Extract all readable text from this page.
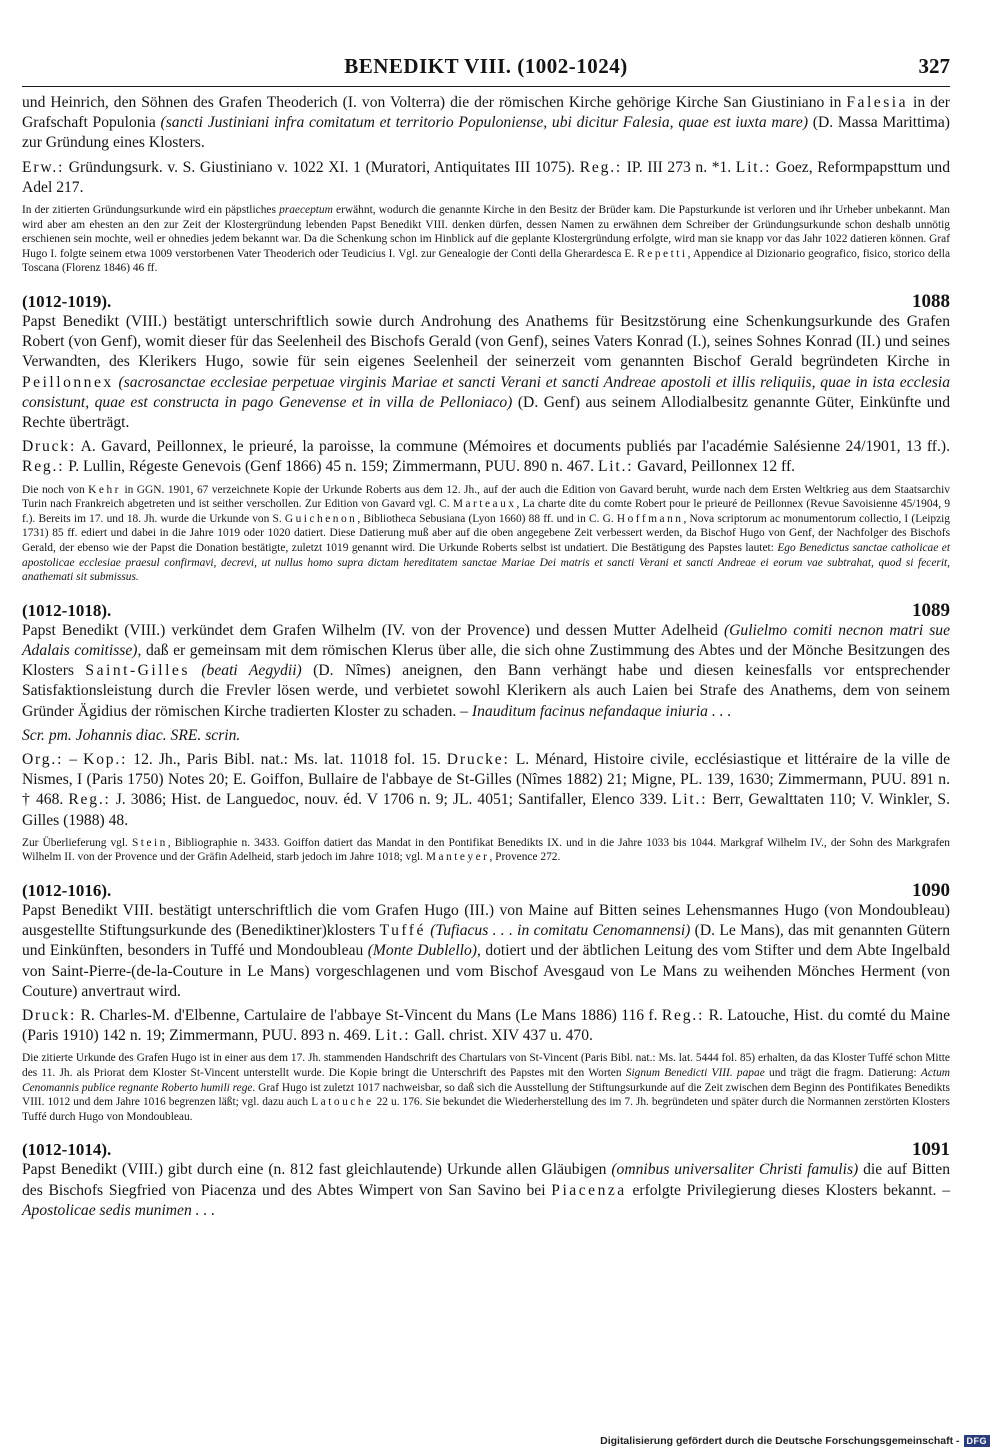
BENEDIKT VIII. (1002-1024)	327

und Heinrich, den Söhnen des Grafen Theoderich (I. von Volterra) die der römischen Kirche gehörige Kirche San Giustiniano in Falesia in der Grafschaft Populonia (sancti Justiniani infra comitatum et territorio Populoniense, ubi dicitur Falesia, quae est iuxta mare) (D. Massa Marittima) zur Gründung eines Klosters.

Erw.: Gründungsurk. v. S. Giustiniano v. 1022 XI. 1 (Muratori, Antiquitates III 1075). Reg.: IP. III 273 n. *1. Lit.: Goez, Reformpapsttum und Adel 217.

In der zitierten Gründungsurkunde wird ein päpstliches praeceptum erwähnt, wodurch die genannte Kirche in den Besitz der Brüder kam. Die Papsturkunde ist verloren und ihr Urheber unbekannt. Man wird aber am ehesten an den zur Zeit der Klostergründung lebenden Papst Benedikt VIII. denken dürfen, dessen Namen zu erwähnen dem Schreiber der Gründungsurkunde schon deshalb unnötig erschienen sein mochte, weil er ohnedies jedem bekannt war. Da die Schenkung schon im Hinblick auf die geplante Klostergründung erfolgte, wird man sie knapp vor das Jahr 1022 datieren können. Graf Hugo I. folgte seinem etwa 1009 verstorbenen Vater Theoderich oder Teudicius I. Vgl. zur Genealogie der Conti della Gherardesca E. Repetti, Appendice al Dizionario geografico, fisico, storico della Toscana (Florenz 1846) 46 ff.

(1012-1019).	1088

Papst Benedikt (VIII.) bestätigt unterschriftlich sowie durch Androhung des Anathems für Besitzstörung eine Schenkungsurkunde des Grafen Robert (von Genf), womit dieser für das Seelenheil des Bischofs Gerald (von Genf), seines Vaters Konrad (I.), seines Sohnes Konrad (II.) und seines Verwandten, des Klerikers Hugo, sowie für sein eigenes Seelenheil der seinerzeit vom genannten Bischof Gerald begründeten Kirche in Peillonnex (sacrosanctae ecclesiae perpetuae virginis Mariae et sancti Verani et sancti Andreae apostoli et illis reliquiis, quae in ista ecclesia consistunt, quae est constructa in pago Genevense et in villa de Pelloniaco) (D. Genf) aus seinem Allodialbesitz genannte Güter, Einkünfte und Rechte überträgt.

Druck: A. Gavard, Peillonnex, le prieuré, la paroisse, la commune (Mémoires et documents publiés par l'académie Salésienne 24/1901, 13 ff.). Reg.: P. Lullin, Régeste Genevois (Genf 1866) 45 n. 159; Zimmermann, PUU. 890 n. 467. Lit.: Gavard, Peillonnex 12 ff.

Die noch von Kehr in GGN. 1901, 67 verzeichnete Kopie der Urkunde Roberts aus dem 12. Jh., auf der auch die Edition von Gavard beruht, wurde nach dem Ersten Weltkrieg aus dem Staatsarchiv Turin nach Frankreich abgetreten und ist seither verschollen. Zur Edition von Gavard vgl. C. Marteaux, La charte dite du comte Robert pour le prieuré de Peillonnex (Revue Savoisienne 45/1904, 9 f.). Bereits im 17. und 18. Jh. wurde die Urkunde von S. Guichenon, Bibliotheca Sebusiana (Lyon 1660) 88 ff. und in C. G. Hoffmann, Nova scriptorum ac monumentorum collectio, I (Leipzig 1731) 85 ff. ediert und dabei in die Jahre 1019 oder 1020 datiert. Diese Datierung muß aber auf die oben angegebene Zeit verbessert werden, da Bischof Hugo von Genf, der Nachfolger des Bischofs Gerald, der ebenso wie der Papst die Donation bestätigte, zuletzt 1019 genannt wird. Die Urkunde Roberts selbst ist undatiert. Die Bestätigung des Papstes lautet: Ego Benedictus sanctae catholicae et apostolicae ecclesiae praesul confirmavi, decrevi, ut nullus homo supra dictam hereditatem sanctae Mariae Dei matris et sancti Verani et sancti Andreae ei eorum vae subtrahat, quod si fecerit, anathemati sit submissus.

(1012-1018).	1089

Papst Benedikt (VIII.) verkündet dem Grafen Wilhelm (IV. von der Provence) und dessen Mutter Adelheid (Gulielmo comiti necnon matri sue Adalais comitisse), daß er gemeinsam mit dem römischen Klerus über alle, die sich ohne Zustimmung des Abtes und der Mönche Besitzungen des Klosters Saint-Gilles (beati Aegydii) (D. Nîmes) aneignen, den Bann verhängt habe und diesen keinesfalls vor entsprechender Satisfaktionsleistung durch die Frevler lösen werde, und verbietet sowohl Klerikern als auch Laien bei Strafe des Anathems, dem von seinem Gründer Ägidius der römischen Kirche tradierten Kloster zu schaden. – Inauditum facinus nefandaque iniuria . . .

Scr. pm. Johannis diac. SRE. scrin.

Org.: – Kop.: 12. Jh., Paris Bibl. nat.: Ms. lat. 11018 fol. 15. Drucke: L. Ménard, Histoire civile, ecclésiastique et littéraire de la ville de Nismes, I (Paris 1750) Notes 20; E. Goiffon, Bullaire de l'abbaye de St-Gilles (Nîmes 1882) 21; Migne, PL. 139, 1630; Zimmermann, PUU. 891 n. † 468. Reg.: J. 3086; Hist. de Languedoc, nouv. éd. V 1706 n. 9; JL. 4051; Santifaller, Elenco 339. Lit.: Berr, Gewalttaten 110; V. Winkler, S. Gilles (1988) 48.

Zur Überlieferung vgl. Stein, Bibliographie n. 3433. Goiffon datiert das Mandat in den Pontifikat Benedikts IX. und in die Jahre 1033 bis 1044. Markgraf Wilhelm IV., der Sohn des Markgrafen Wilhelm II. von der Provence und der Gräfin Adelheid, starb jedoch im Jahre 1018; vgl. Manteyer, Provence 272.

(1012-1016).	1090

Papst Benedikt VIII. bestätigt unterschriftlich die vom Grafen Hugo (III.) von Maine auf Bitten seines Lehensmannes Hugo (von Mondoubleau) ausgestellte Stiftungsurkunde des (Benediktiner)klosters Tuffé (Tufiacus . . . in comitatu Cenomannensi) (D. Le Mans), das mit genannten Gütern und Einkünften, besonders in Tuffé und Mondoubleau (Monte Dublello), dotiert und der äbtlichen Leitung des vom Stifter und dem Abte Ingelbald von Saint-Pierre-(de-la-Couture in Le Mans) vorgeschlagenen und vom Bischof Avesgaud von Le Mans zu weihenden Mönches Herment (von Couture) anvertraut wird.

Druck: R. Charles-M. d'Elbenne, Cartulaire de l'abbaye St-Vincent du Mans (Le Mans 1886) 116 f. Reg.: R. Latouche, Hist. du comté du Maine (Paris 1910) 142 n. 19; Zimmermann, PUU. 893 n. 469. Lit.: Gall. christ. XIV 437 u. 470.

Die zitierte Urkunde des Grafen Hugo ist in einer aus dem 17. Jh. stammenden Handschrift des Chartulars von St-Vincent (Paris Bibl. nat.: Ms. lat. 5444 fol. 85) erhalten, da das Kloster Tuffé schon Mitte des 11. Jh. als Priorat dem Kloster St-Vincent unterstellt wurde. Die Kopie bringt die Unterschrift des Papstes mit den Worten Signum Benedicti VIII. papae und trägt die fragm. Datierung: Actum Cenomannis publice regnante Roberto humili rege. Graf Hugo ist zuletzt 1017 nachweisbar, so daß sich die Ausstellung der Stiftungsurkunde auf die Zeit zwischen dem Beginn des Pontifikates Benedikts VIII. 1012 und dem Jahre 1016 begrenzen läßt; vgl. dazu auch Latouche 22 u. 176. Sie bekundet die Wiederherstellung des im 7. Jh. begründeten und später durch die Normannen zerstörten Klosters Tuffé durch Hugo von Mondoubleau.

(1012-1014).	1091

Papst Benedikt (VIII.) gibt durch eine (n. 812 fast gleichlautende) Urkunde allen Gläubigen (omnibus universaliter Christi famulis) die auf Bitten des Bischofs Siegfried von Piacenza und des Abtes Wimpert von San Savino bei Piacenza erfolgte Privilegierung dieses Klosters bekannt. – Apostolicae sedis munimen . . .

Digitalisierung gefördert durch die Deutsche Forschungsgemeinschaft - DFG
